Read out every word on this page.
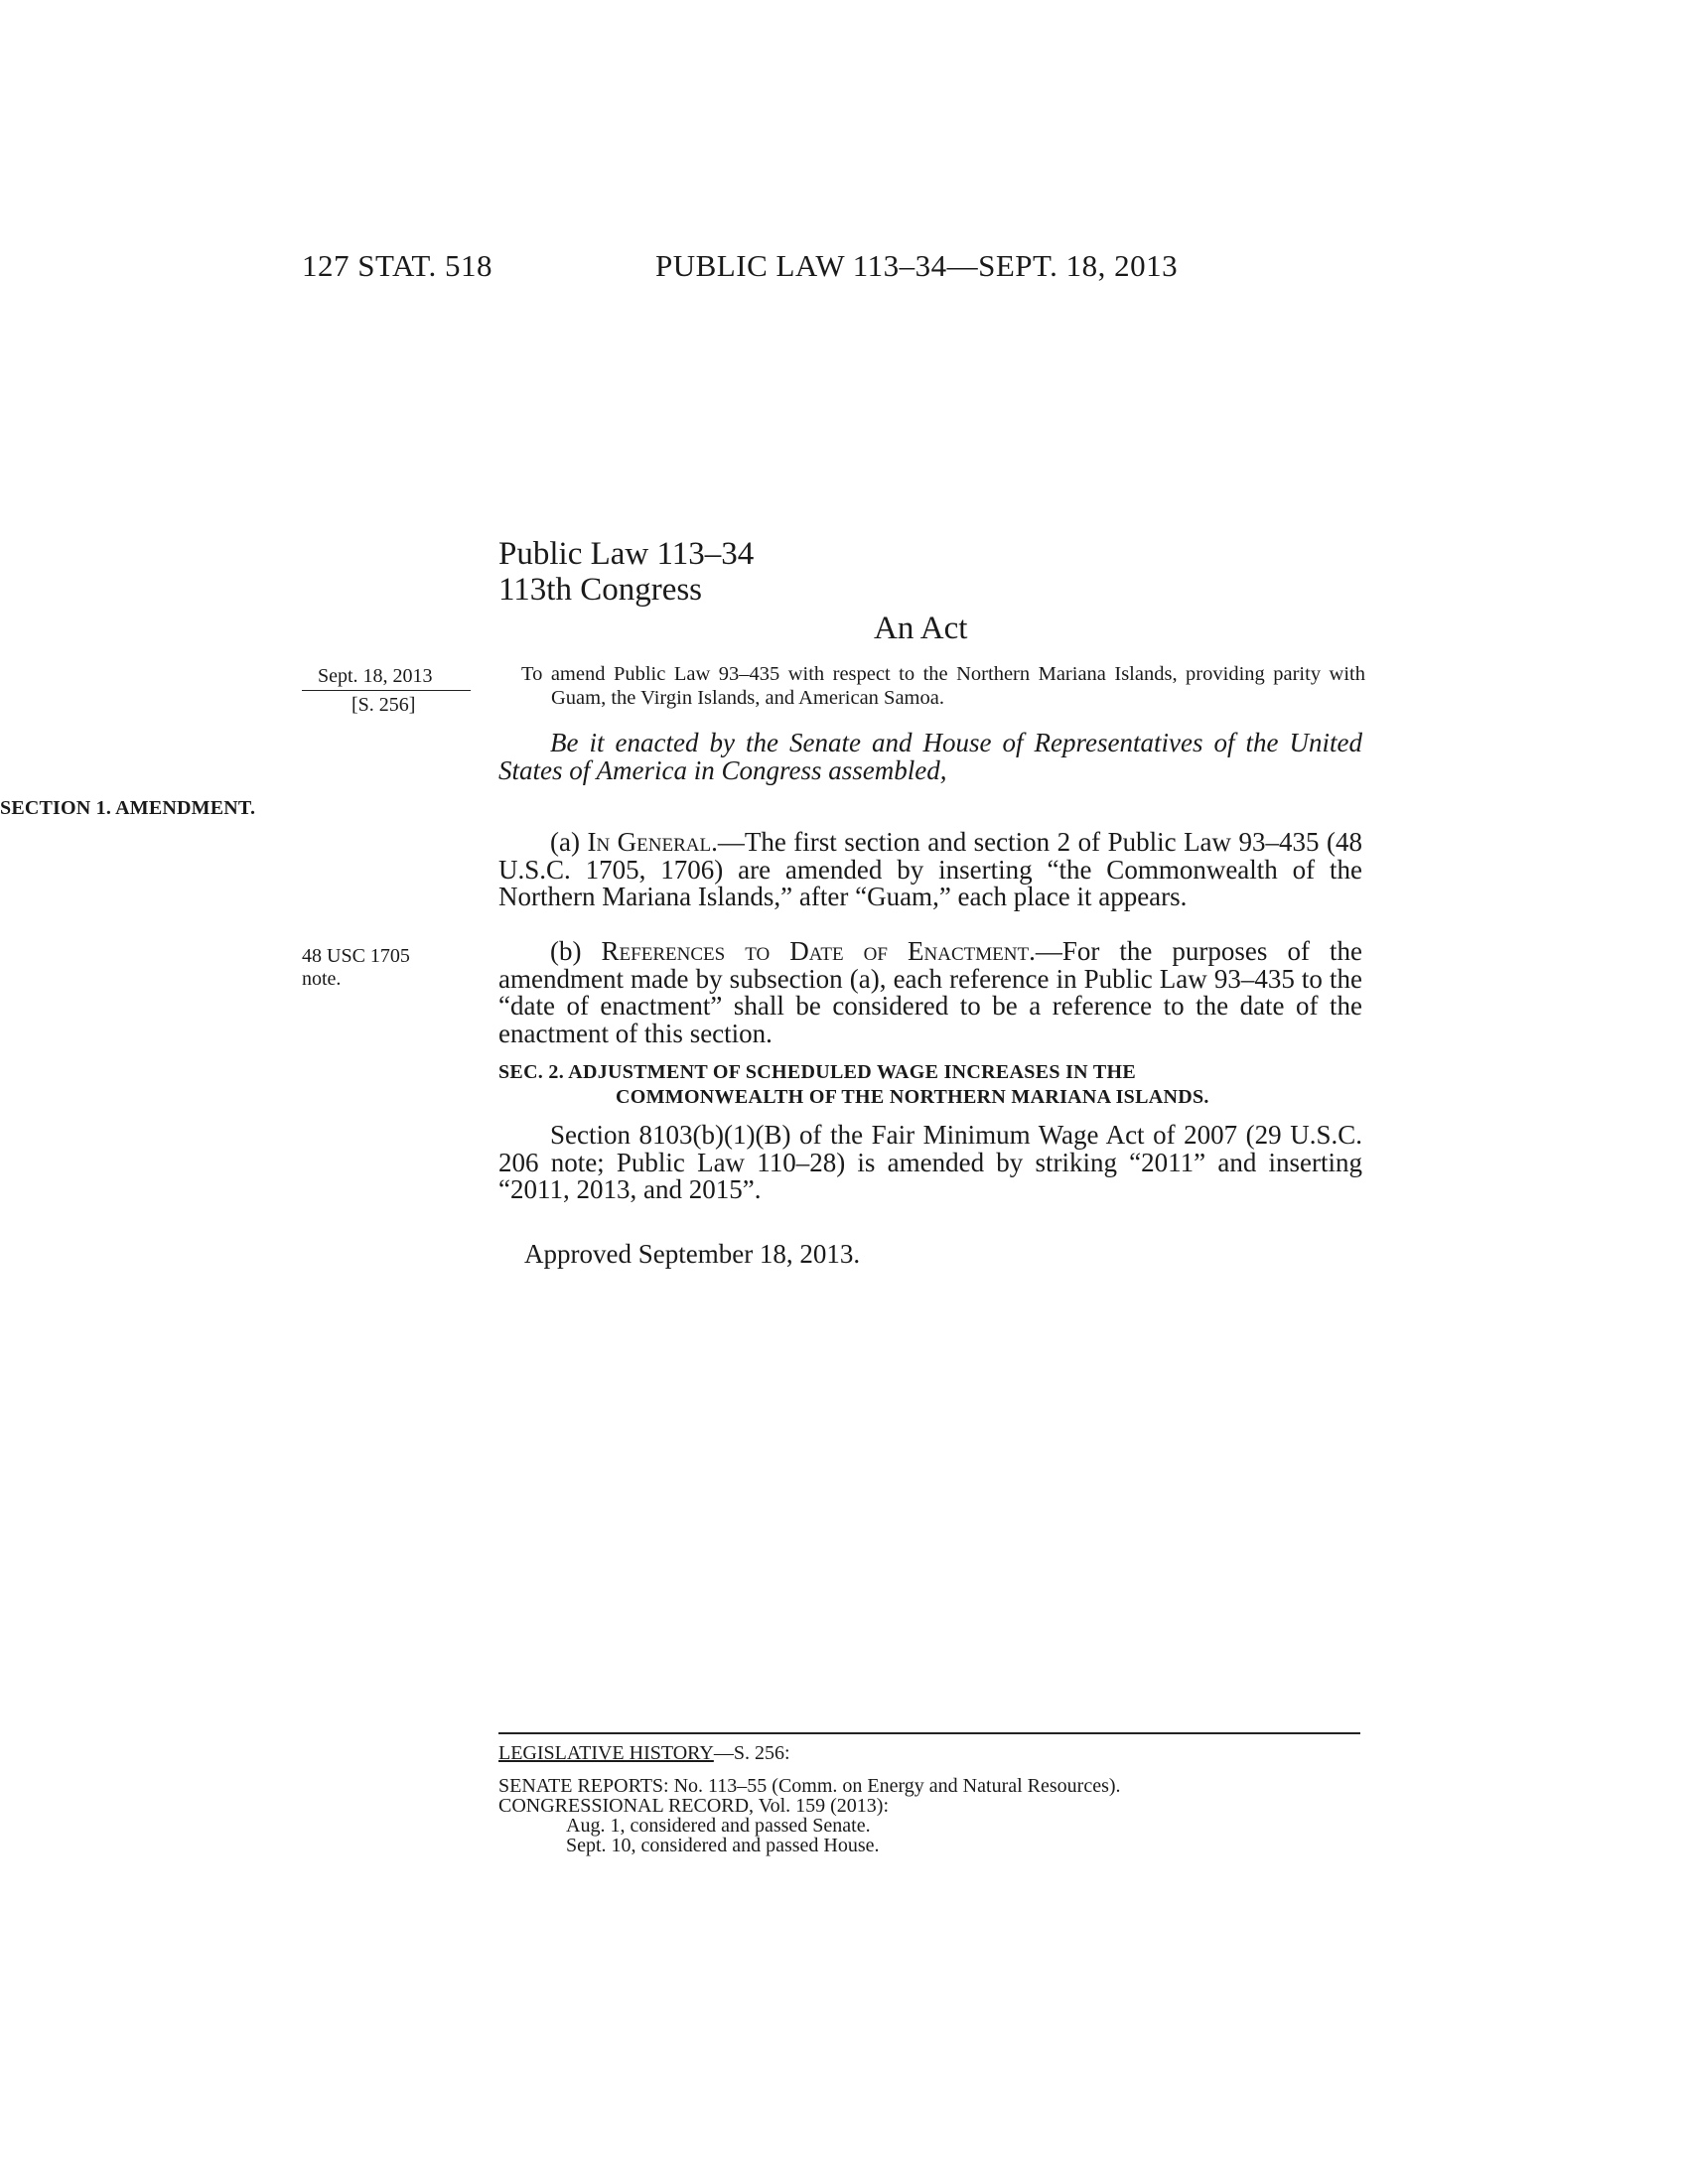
127 STAT. 518	PUBLIC LAW 113–34—SEPT. 18, 2013
Public Law 113–34
113th Congress
An Act
Sept. 18, 2013
[S. 256]
48 USC 1705
note.
To amend Public Law 93–435 with respect to the Northern Mariana Islands, providing parity with Guam, the Virgin Islands, and American Samoa.
Be it enacted by the Senate and House of Representatives of the United States of America in Congress assembled,
SECTION 1. AMENDMENT.
(a) In General.—The first section and section 2 of Public Law 93–435 (48 U.S.C. 1705, 1706) are amended by inserting “the Commonwealth of the Northern Mariana Islands,” after “Guam,” each place it appears.
(b) References to Date of Enactment.—For the purposes of the amendment made by subsection (a), each reference in Public Law 93–435 to the “date of enactment” shall be considered to be a reference to the date of the enactment of this section.
SEC. 2. ADJUSTMENT OF SCHEDULED WAGE INCREASES IN THE
COMMONWEALTH OF THE NORTHERN MARIANA ISLANDS.
Section 8103(b)(1)(B) of the Fair Minimum Wage Act of 2007 (29 U.S.C. 206 note; Public Law 110–28) is amended by striking “2011” and inserting “2011, 2013, and 2015”.
Approved September 18, 2013.
LEGISLATIVE HISTORY—S. 256:
SENATE REPORTS: No. 113–55 (Comm. on Energy and Natural Resources).
CONGRESSIONAL RECORD, Vol. 159 (2013):
Aug. 1, considered and passed Senate.
Sept. 10, considered and passed House.
